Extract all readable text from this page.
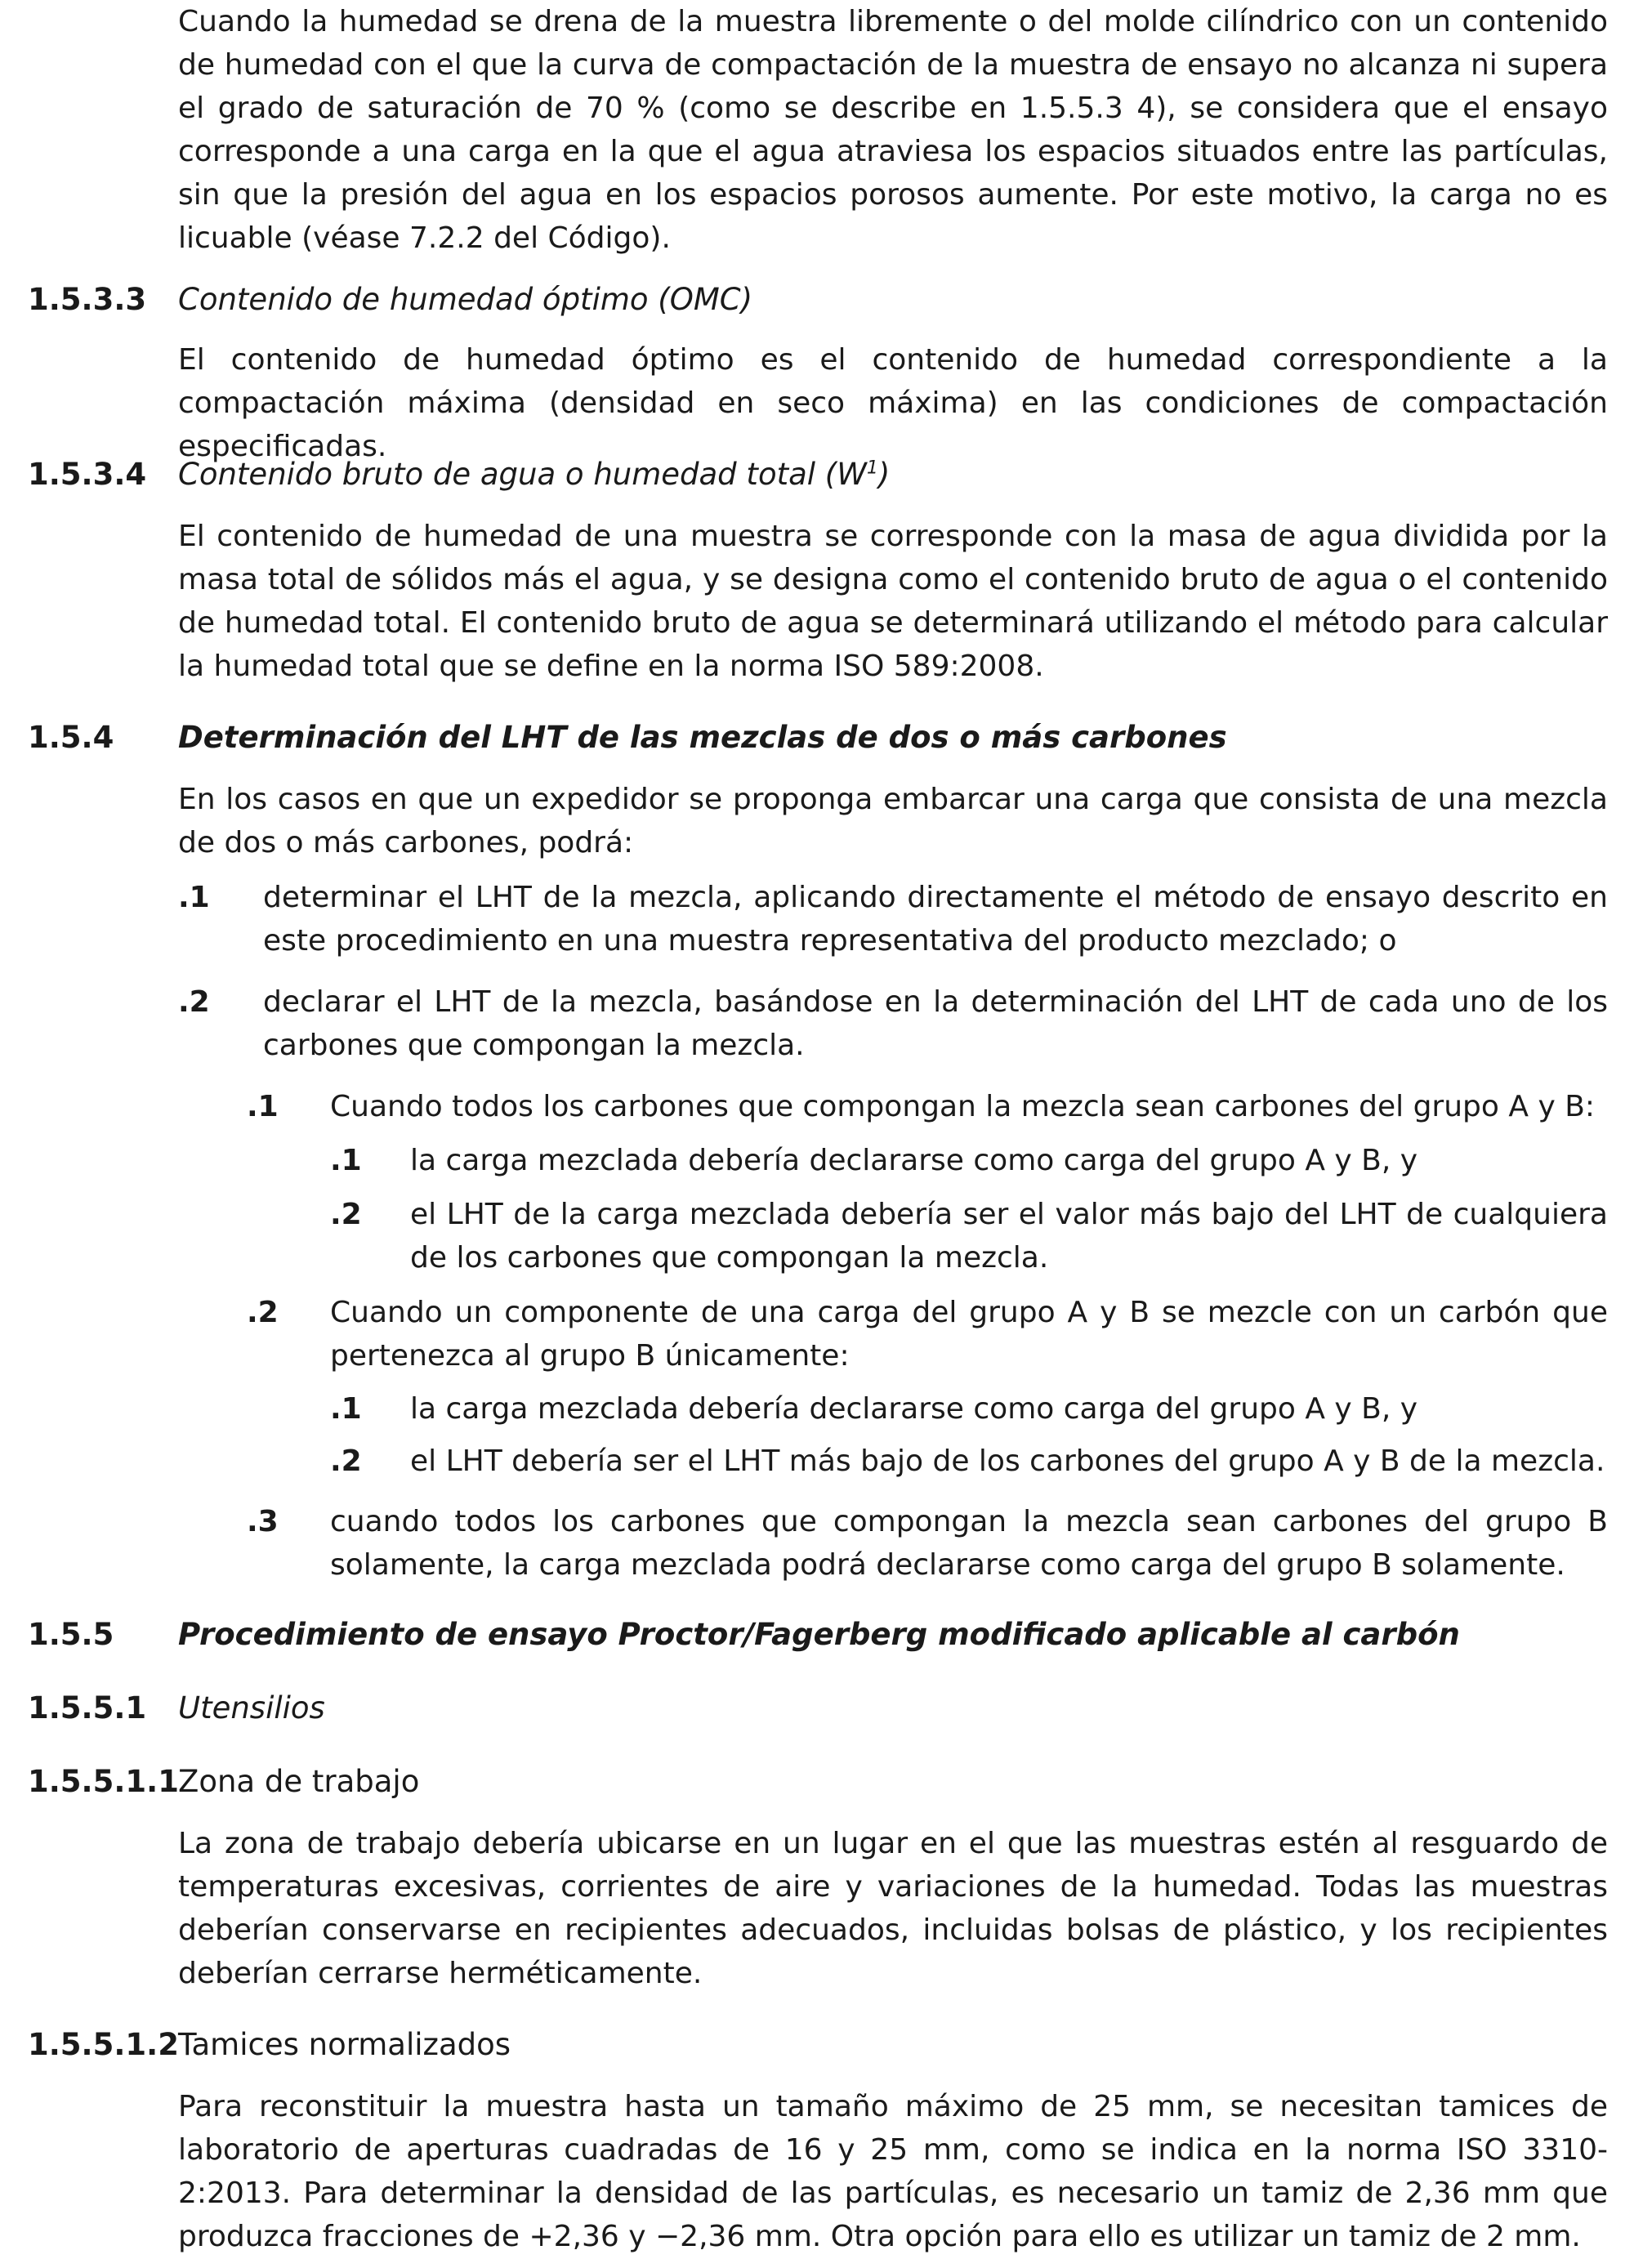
Cuando la humedad se drena de la muestra libremente o del molde cilíndrico con un contenido de humedad con el que la curva de compactación de la muestra de ensayo no alcanza ni supera el grado de saturación de 70 % (como se describe en 1.5.5.3 4), se considera que el ensayo corresponde a una carga en la que el agua atraviesa los espacios situados entre las partículas, sin que la presión del agua en los espacios porosos aumente. Por este motivo, la carga no es licuable (véase 7.2.2 del Código).

1.5.3.3 Contenido de humedad óptimo (OMC)

El contenido de humedad óptimo es el contenido de humedad correspondiente a la compactación máxima (densidad en seco máxima) en las condiciones de compactación especificadas.

1.5.3.4 Contenido bruto de agua o humedad total $(W^1)$

El contenido de humedad de una muestra se corresponde con la masa de agua dividida por la masa total de sólidos más el agua, y se designa como el contenido bruto de agua o el contenido de humedad total. El contenido bruto de agua se determinará utilizando el método para calcular la humedad total que se define en la norma ISO 589:2008.

1.5.4 Determinación del LHT de las mezclas de dos o más carbones

En los casos en que un expedidor se proponga embarcar una carga que consista de una mezcla de dos o más carbones, podrá:

.1 determinar el LHT de la mezcla, aplicando directamente el método de ensayo descrito en este procedimiento en una muestra representativa del producto mezclado; o
.2 declarar el LHT de la mezcla, basándose en la determinación del LHT de cada uno de los carbones que compongan la mezcla.
.1 Cuando todos los carbones que compongan la mezcla sean carbones del grupo A y B:
.1 la carga mezclada debería declararse como carga del grupo A y B, y
.2 el LHT de la carga mezclada debería ser el valor más bajo del LHT de cualquiera de los carbones que compongan la mezcla.
.2 Cuando un componente de una carga del grupo A y B se mezcle con un carbón que pertenezca al grupo B únicamente:
.1 la carga mezclada debería declararse como carga del grupo A y B, y
.2 el LHT debería ser el LHT más bajo de los carbones del grupo A y B de la mezcla.
.3 cuando todos los carbones que compongan la mezcla sean carbones del grupo B solamente, la carga mezclada podrá declararse como carga del grupo B solamente.
1.5.5 Procedimiento de ensayo Proctor/Fagerberg modificado aplicable al carbón
1.5.5.1 Utensilios
1.5.5.1.1Zona de trabajo

La zona de trabajo debería ubicarse en un lugar en el que las muestras estén al resguardo de temperaturas excesivas, corrientes de aire y variaciones de la humedad. Todas las muestras deberían conservarse en recipientes adecuados, incluidas bolsas de plástico, y los recipientes deberían cerrarse herméticamente.

1.5.5.1.2Tamices normalizados

Para reconstituir la muestra hasta un tamaño máximo de 25 mm, se necesitan tamices de laboratorio de aperturas cuadradas de 16 y 25 mm, como se indica en la norma ISO 3310-2:2013. Para determinar la densidad de las partículas, es necesario un tamiz de 2,36 mm que produzca fracciones de +2,36 y −2,36 mm. Otra opción para ello es utilizar un tamiz de 2 mm.
